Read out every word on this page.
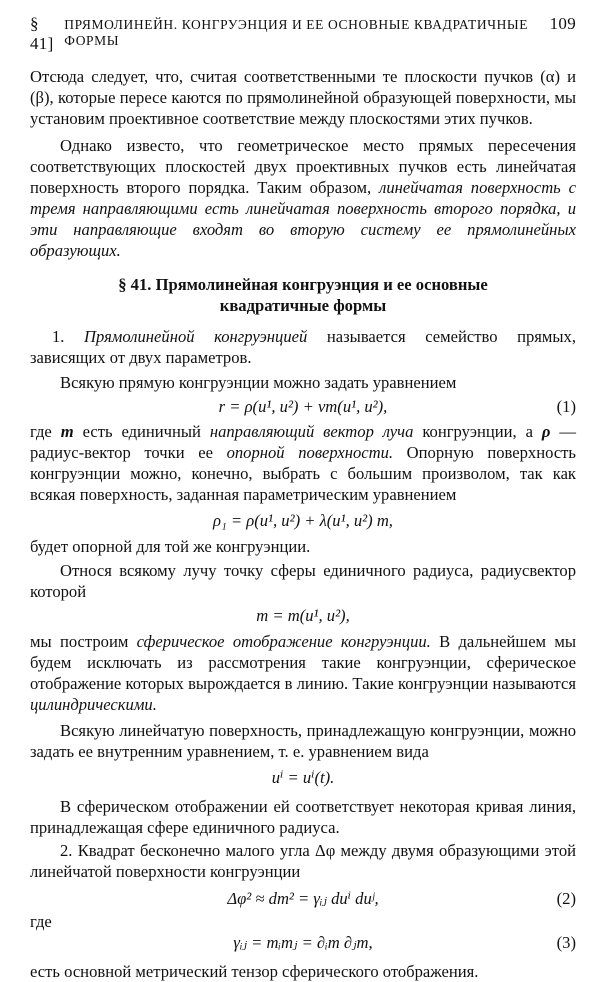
§ 41]
ПРЯМОЛИНЕЙН. КОНГРУЭНЦИЯ И ЕЕ ОСНОВНЫЕ КВАДРАТИЧНЫЕ ФОРМЫ
109

Отсюда следует, что, считая соответственными те плоскости пучков (α) и (β), которые пересе каются по прямолинейной образующей поверхности, мы установим проективное соответствие между плоскостями этих пучков.

Однако известо, что геометрическое место прямых пересечения соответствующих плоскостей двух проективных пучков есть линейчатая поверхность второго порядка. Таким образом, линейчатая поверхность с тремя направляющими есть линейчатая поверхность второго порядка, и эти направляющие входят во вторую систему ее прямолинейных образующих.

§ 41. Прямолинейная конгруэнция и ее основные
квадратичные формы

1. Прямолинейной конгруэнцией называется семейство прямых, зависящих от двух параметров.

Всякую прямую конгруэнции можно задать уравнением

r = ρ(u¹, u²) + vm(u¹, u²),	(1)

где m есть единичный направляющий вектор луча конгруэнции, а ρ — радиус-вектор точки ее опорной поверхности. Опорную поверхность конгруэнции можно, конечно, выбрать с большим произволом, так как всякая поверхность, заданная параметрическим уравнением

ρ₁ = ρ(u¹, u²) + λ(u¹, u²) m,

будет опорной для той же конгруэнции.

Относя всякому лучу точку сферы единичного радиуса, радиусвектор которой

m = m(u¹, u²),

мы построим сферическое отображение конгруэнции. В дальнейшем мы будем исключать из рассмотрения такие конгруэнции, сферическое отображение которых вырождается в линию. Такие конгруэнции называются цилиндрическими.

Всякую линейчатую поверхность, принадлежащую конгруэнции, можно задать ее внутренним уравнением, т. е. уравнением вида

uⁱ = uⁱ(t).

В сферическом отображении ей соответствует некоторая кривая линия, принадлежащая сфере единичного радиуса.

2. Квадрат бесконечно малого угла Δφ между двумя образующими этой линейчатой поверхности конгруэнции

Δφ² ≈ dm² = γᵢⱼ duⁱ duʲ,	(2)

где

γᵢⱼ = mᵢmⱼ = ∂ᵢm ∂ⱼm,	(3)

есть основной метрический тензор сферического отображения.
